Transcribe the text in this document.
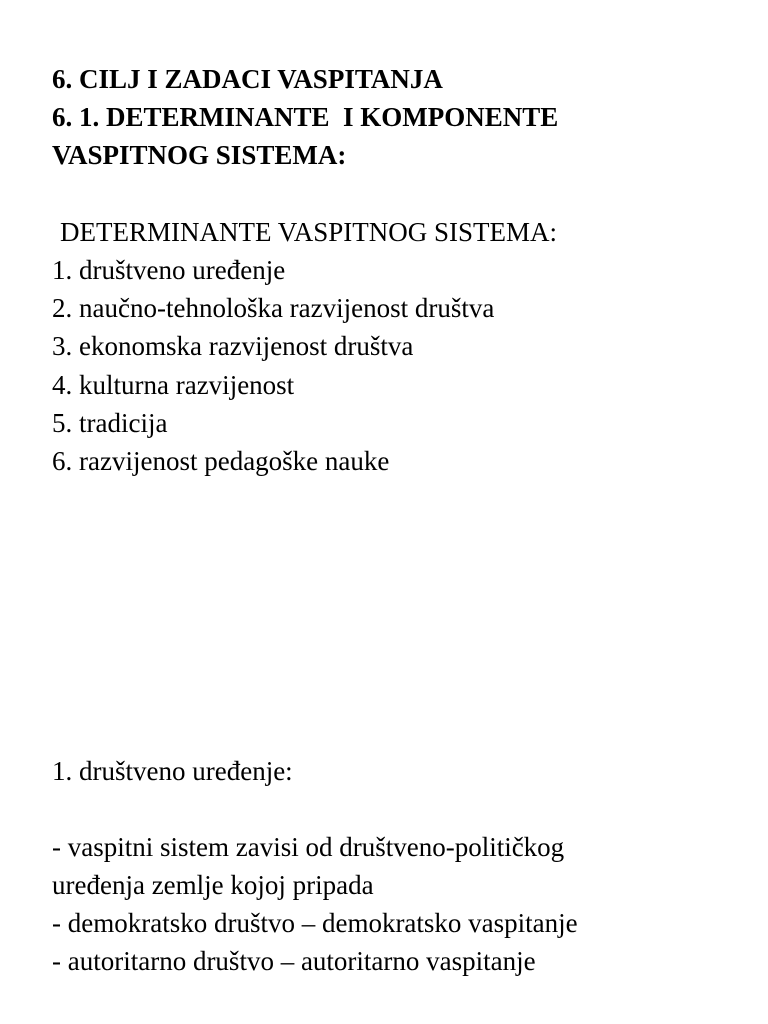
6. CILJ I ZADACI VASPITANJA
6. 1. DETERMINANTE  I KOMPONENTE
VASPITNOG SISTEMA:
DETERMINANTE VASPITNOG SISTEMA:
1. društveno uređenje
2. naučno-tehnološka razvijenost društva
3. ekonomska razvijenost društva
4. kulturna razvijenost
5. tradicija
6. razvijenost pedagoške nauke
1. društveno uređenje:
- vaspitni sistem zavisi od društveno-političkog
uređenja zemlje kojoj pripada
- demokratsko društvo – demokratsko vaspitanje
- autoritarno društvo – autoritarno vaspitanje
